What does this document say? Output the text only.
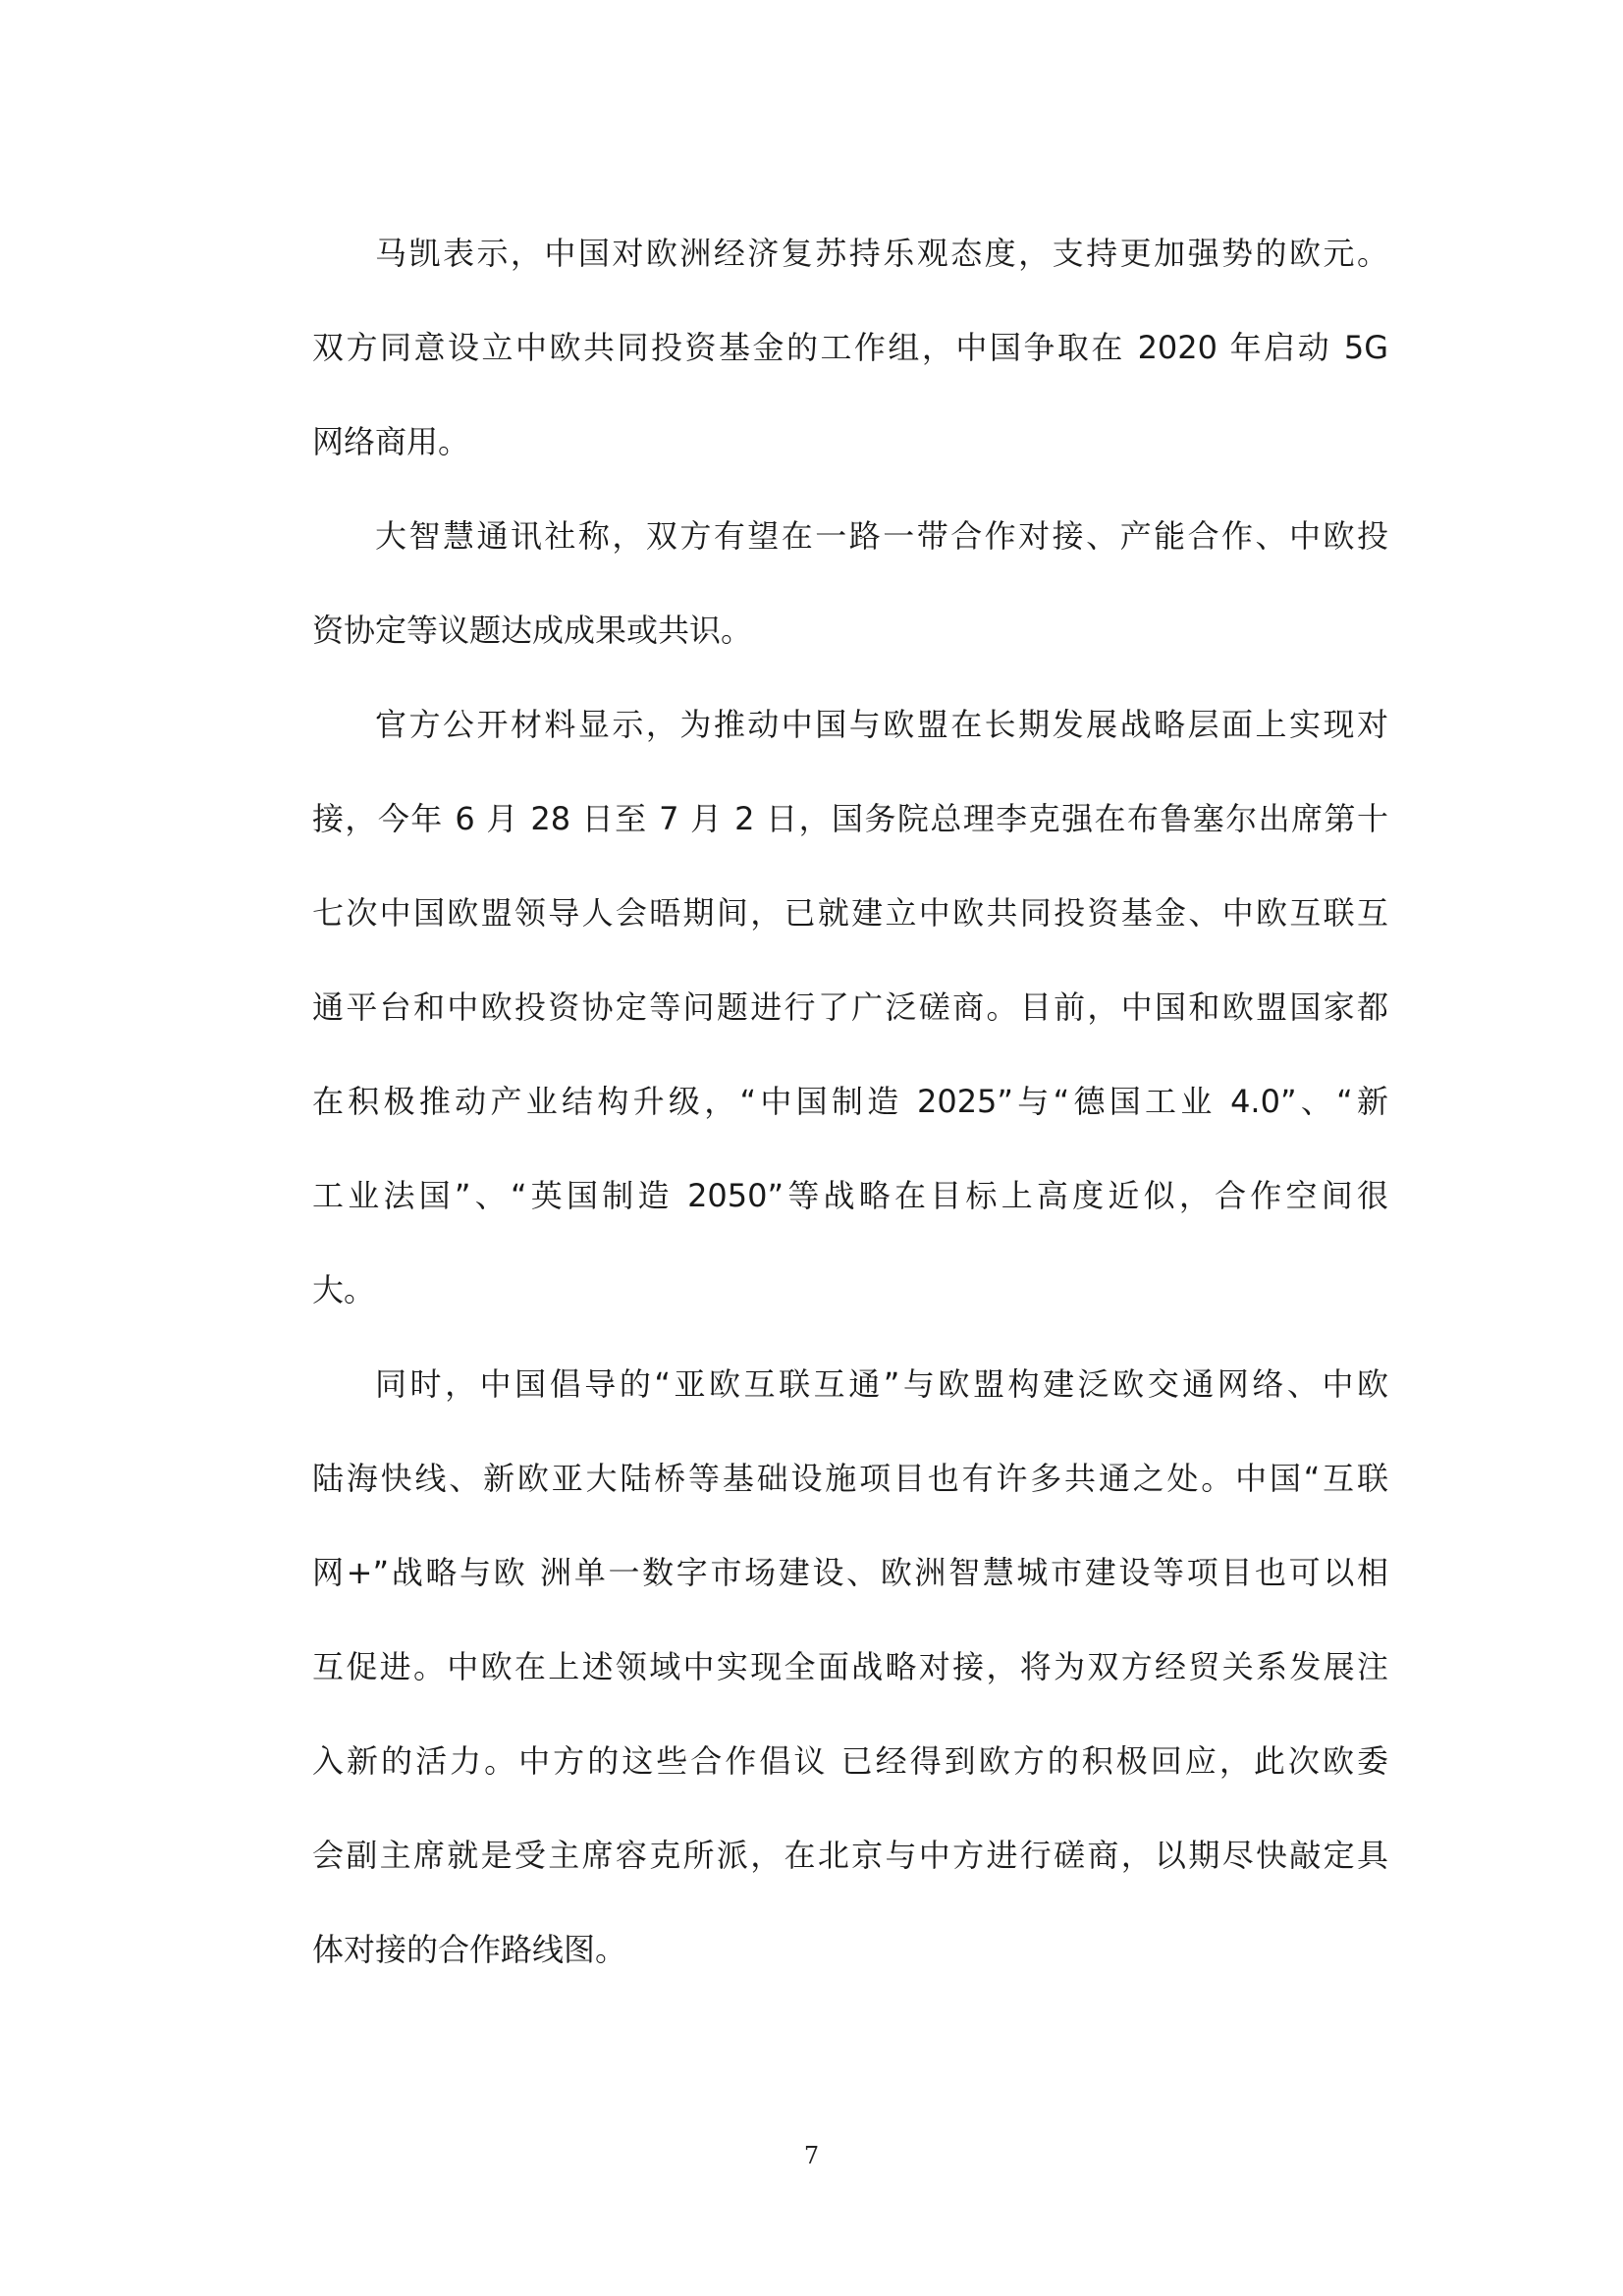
马凯表示，中国对欧洲经济复苏持乐观态度，支持更加强势的欧元。
双方同意设立中欧共同投资基金的工作组，中国争取在 2020 年启动 5G
网络商用。
大智慧通讯社称，双方有望在一路一带合作对接、产能合作、中欧投
资协定等议题达成成果或共识。
官方公开材料显示，为推动中国与欧盟在长期发展战略层面上实现对
接，今年 6 月 28 日至 7 月 2 日，国务院总理李克强在布鲁塞尔出席第十
七次中国欧盟领导人会晤期间，已就建立中欧共同投资基金、中欧互联互
通平台和中欧投资协定等问题进行了广泛磋商。目前，中国和欧盟国家都
在积极推动产业结构升级，“中国制造 2025”与“德国工业 4.0”、“新
工业法国”、“英国制造 2050”等战略在目标上高度近似，合作空间很
大。
同时，中国倡导的“亚欧互联互通”与欧盟构建泛欧交通网络、中欧
陆海快线、新欧亚大陆桥等基础设施项目也有许多共通之处。中国“互联
网+”战略与欧 洲单一数字市场建设、欧洲智慧城市建设等项目也可以相
互促进。中欧在上述领域中实现全面战略对接，将为双方经贸关系发展注
入新的活力。中方的这些合作倡议 已经得到欧方的积极回应，此次欧委
会副主席就是受主席容克所派，在北京与中方进行磋商，以期尽快敲定具
体对接的合作路线图。
7
